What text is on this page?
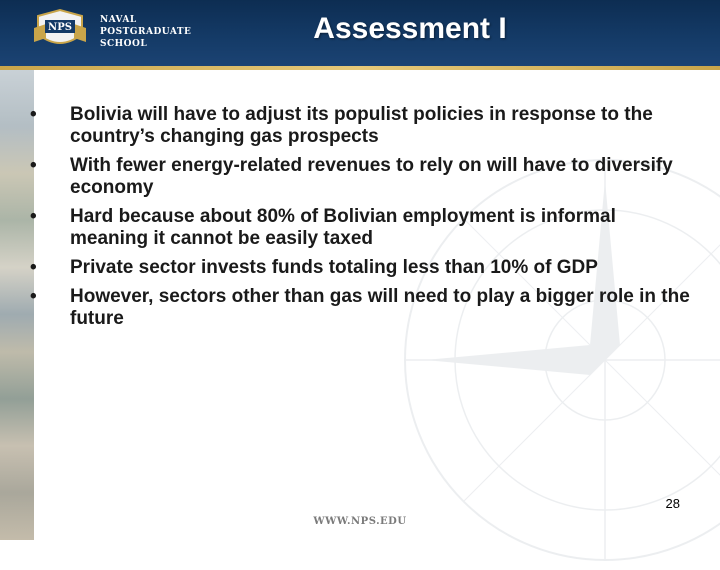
NPS
NAVAL
POSTGRADUATE
SCHOOL	Assessment I
• Bolivia will have to adjust its populist policies in response to the country’s changing gas prospects
• With fewer energy-related revenues to rely on will have to diversify economy
• Hard because about 80% of Bolivian employment is informal meaning it cannot be easily taxed
• Private sector invests funds totaling less than 10% of GDP
• However, sectors other than gas will need to play a bigger role in the future
28
WWW.NPS.EDU
